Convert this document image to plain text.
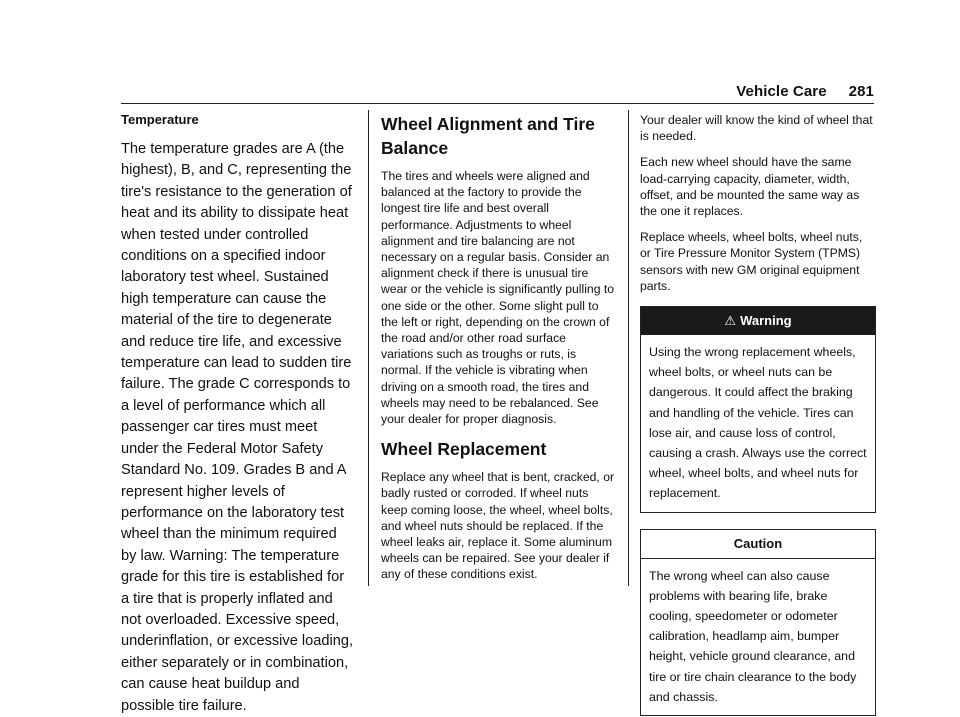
Vehicle Care 281

Temperature

The temperature grades are A (the highest), B, and C, representing the tire's resistance to the generation of heat and its ability to dissipate heat when tested under controlled conditions on a specified indoor laboratory test wheel. Sustained high temperature can cause the material of the tire to degenerate and reduce tire life, and excessive temperature can lead to sudden tire failure. The grade C corresponds to a level of performance which all passenger car tires must meet under the Federal Motor Safety Standard No. 109. Grades B and A represent higher levels of performance on the laboratory test wheel than the minimum required by law. Warning: The temperature grade for this tire is established for a tire that is properly inflated and not overloaded. Excessive speed, underinflation, or excessive loading, either separately or in combination, can cause heat buildup and possible tire failure.

Wheel Alignment and Tire Balance

The tires and wheels were aligned and balanced at the factory to provide the longest tire life and best overall performance. Adjustments to wheel alignment and tire balancing are not necessary on a regular basis. Consider an alignment check if there is unusual tire wear or the vehicle is significantly pulling to one side or the other. Some slight pull to the left or right, depending on the crown of the road and/or other road surface variations such as troughs or ruts, is normal. If the vehicle is vibrating when driving on a smooth road, the tires and wheels may need to be rebalanced. See your dealer for proper diagnosis.

Wheel Replacement

Replace any wheel that is bent, cracked, or badly rusted or corroded. If wheel nuts keep coming loose, the wheel, wheel bolts, and wheel nuts should be replaced. If the wheel leaks air, replace it. Some aluminum wheels can be repaired. See your dealer if any of these conditions exist.

Your dealer will know the kind of wheel that is needed.

Each new wheel should have the same load-carrying capacity, diameter, width, offset, and be mounted the same way as the one it replaces.

Replace wheels, wheel bolts, wheel nuts, or Tire Pressure Monitor System (TPMS) sensors with new GM original equipment parts.

⚠ Warning
Using the wrong replacement wheels, wheel bolts, or wheel nuts can be dangerous. It could affect the braking and handling of the vehicle. Tires can lose air, and cause loss of control, causing a crash. Always use the correct wheel, wheel bolts, and wheel nuts for replacement.
Caution
The wrong wheel can also cause problems with bearing life, brake cooling, speedometer or odometer calibration, headlamp aim, bumper height, vehicle ground clearance, and tire or tire chain clearance to the body and chassis.
